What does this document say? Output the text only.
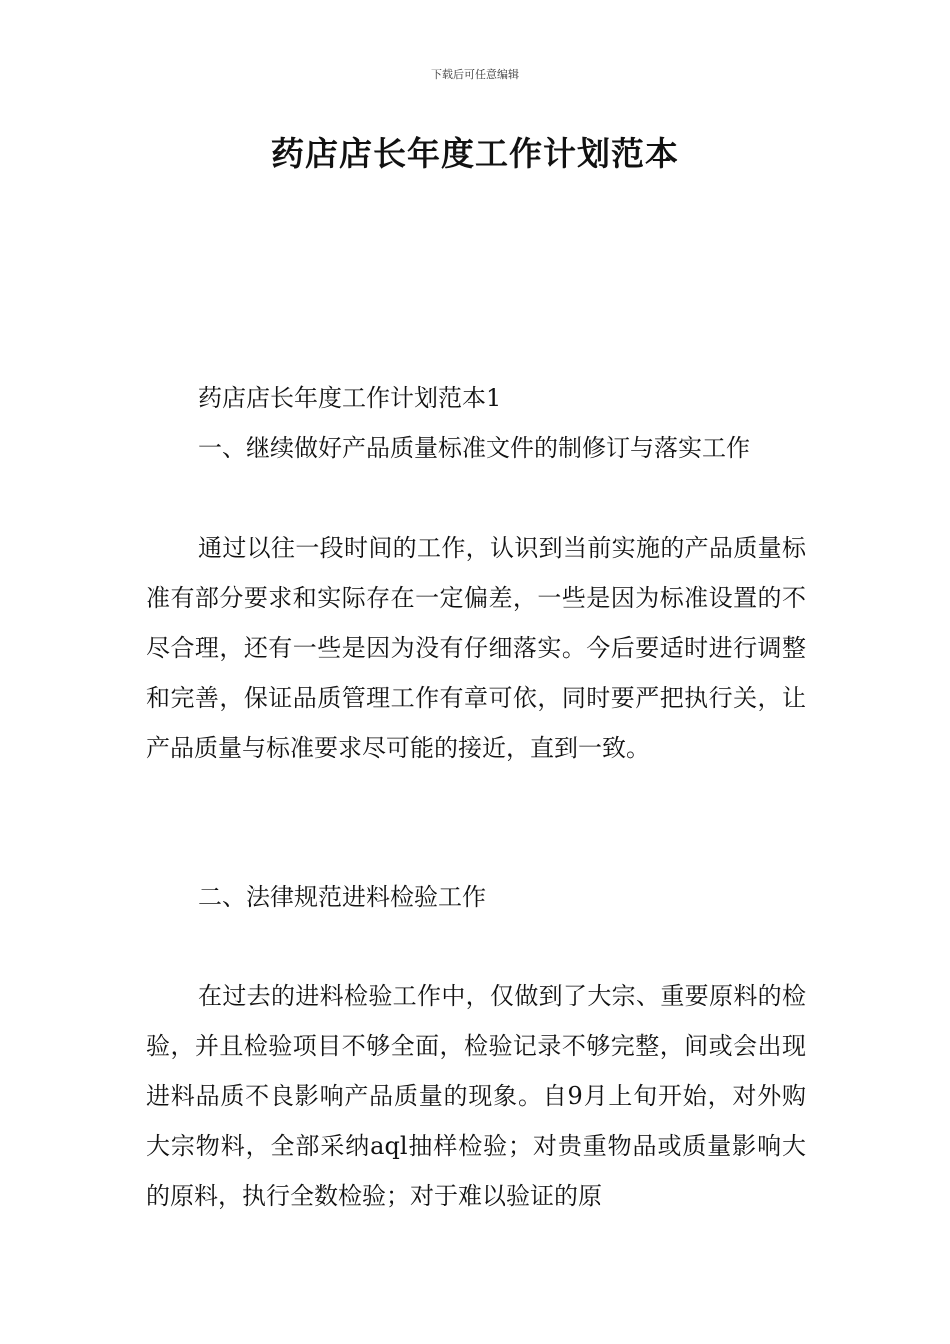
下载后可任意编辑
药店店长年度工作计划范本

药店店长年度工作计划范本1

一、继续做好产品质量标准文件的制修订与落实工作

通过以往一段时间的工作，认识到当前实施的产品质量标准有部分要求和实际存在一定偏差，一些是因为标准设置的不尽合理，还有一些是因为没有仔细落实。今后要适时进行调整和完善，保证品质管理工作有章可依，同时要严把执行关，让产品质量与标准要求尽可能的接近，直到一致。

二、法律规范进料检验工作

在过去的进料检验工作中，仅做到了大宗、重要原料的检验，并且检验项目不够全面，检验记录不够完整，间或会出现进料品质不良影响产品质量的现象。自9月上旬开始，对外购大宗物料，全部采纳aql抽样检验；对贵重物品或质量影响大的原料，执行全数检验；对于难以验证的原
